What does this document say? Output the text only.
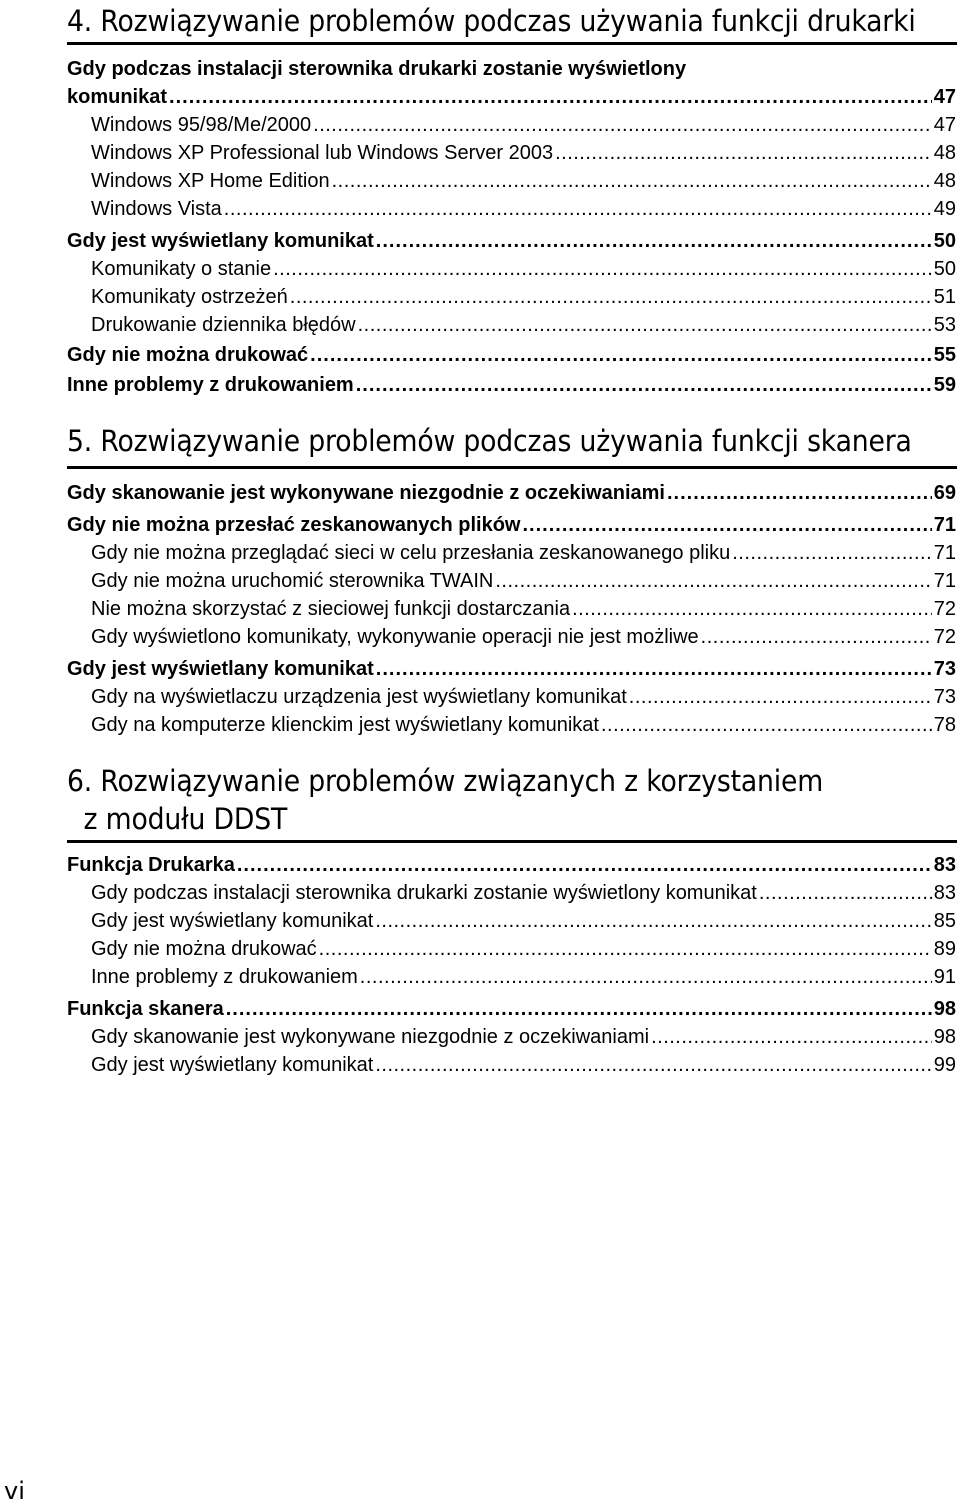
4. Rozwiązywanie problemów podczas używania funkcji drukarki
Gdy podczas instalacji sterownika drukarki zostanie wyświetlony
komunikat .....	47
Windows 95/98/Me/2000 .....	47
Windows XP Professional lub Windows Server 2003 .....	48
Windows XP Home Edition .....	48
Windows Vista .....	49
Gdy jest wyświetlany komunikat .....	50
Komunikaty o stanie .....	50
Komunikaty ostrzeżeń .....	51
Drukowanie dziennika błędów .....	53
Gdy nie można drukować .....	55
Inne problemy z drukowaniem .....	59
5. Rozwiązywanie problemów podczas używania funkcji skanera
Gdy skanowanie jest wykonywane niezgodnie z oczekiwaniami .....	69
Gdy nie można przesłać zeskanowanych plików .....	71
Gdy nie można przeglądać sieci w celu przesłania zeskanowanego pliku .....	71
Gdy nie można uruchomić sterownika TWAIN .....	71
Nie można skorzystać z sieciowej funkcji dostarczania .....	72
Gdy wyświetlono komunikaty, wykonywanie operacji nie jest możliwe .....	72
Gdy jest wyświetlany komunikat .....	73
Gdy na wyświetlaczu urządzenia jest wyświetlany komunikat .....	73
Gdy na komputerze klienckim jest wyświetlany komunikat .....	78
6. Rozwiązywanie problemów związanych z korzystaniem
z modułu DDST
Funkcja Drukarka .....	83
Gdy podczas instalacji sterownika drukarki zostanie wyświetlony komunikat .....	83
Gdy jest wyświetlany komunikat .....	85
Gdy nie można drukować .....	89
Inne problemy z drukowaniem .....	91
Funkcja skanera .....	98
Gdy skanowanie jest wykonywane niezgodnie z oczekiwaniami .....	98
Gdy jest wyświetlany komunikat .....	99
vi
